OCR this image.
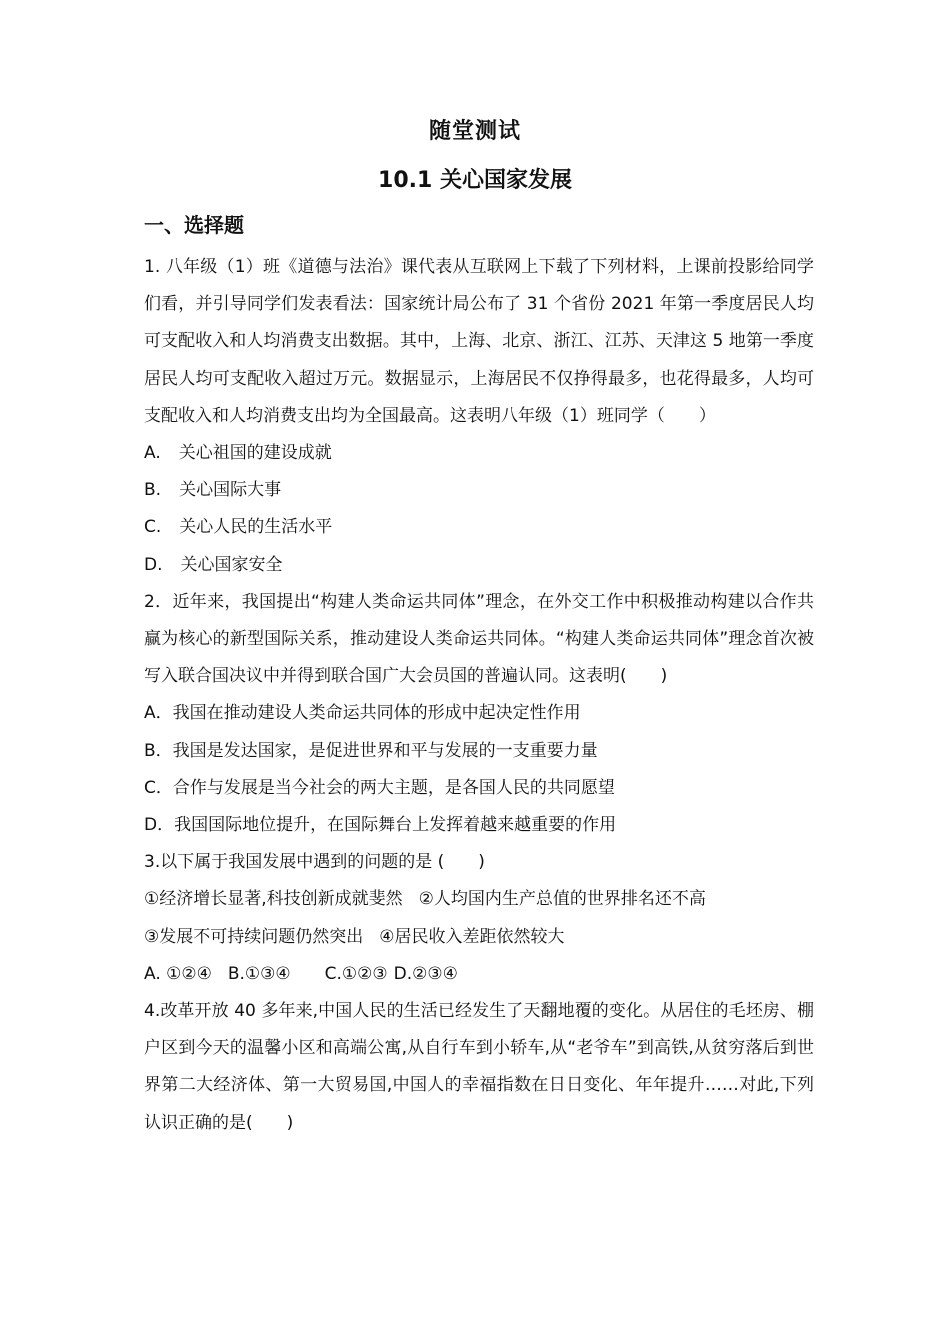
随堂测试
10.1 关心国家发展
一、选择题

1. 八年级（1）班《道德与法治》课代表从互联网上下载了下列材料，上课前投影给同学们看，并引导同学们发表看法：国家统计局公布了 31 个省份 2021 年第一季度居民人均可支配收入和人均消费支出数据。其中，上海、北京、浙江、江苏、天津这 5 地第一季度居民人均可支配收入超过万元。数据显示，上海居民不仅挣得最多，也花得最多，人均可支配收入和人均消费支出均为全国最高。这表明八年级（1）班同学（　　）

A. 关心祖国的建设成就

B. 关心国际大事

C. 关心人民的生活水平

D. 关心国家安全

2．近年来，我国提出“构建人类命运共同体”理念，在外交工作中积极推动构建以合作共赢为核心的新型国际关系，推动建设人类命运共同体。“构建人类命运共同体”理念首次被写入联合国决议中并得到联合国广大会员国的普遍认同。这表明(　　)

A．我国在推动建设人类命运共同体的形成中起决定性作用

B．我国是发达国家，是促进世界和平与发展的一支重要力量

C．合作与发展是当今社会的两大主题，是各国人民的共同愿望

D．我国国际地位提升，在国际舞台上发挥着越来越重要的作用

3.以下属于我国发展中遇到的问题的是 (　　)

①经济增长显著,科技创新成就斐然 ②人均国内生产总值的世界排名还不高

③发展不可持续问题仍然突出 ④居民收入差距依然较大

A. ①②④ B.①③④ C.①②③ D.②③④

4.改革开放 40 多年来,中国人民的生活已经发生了天翻地覆的变化。从居住的毛坯房、棚户区到今天的温馨小区和高端公寓,从自行车到小轿车,从“老爷车”到高铁,从贫穷落后到世界第二大经济体、第一大贸易国,中国人的幸福指数在日日变化、年年提升……对此,下列认识正确的是(　　)
